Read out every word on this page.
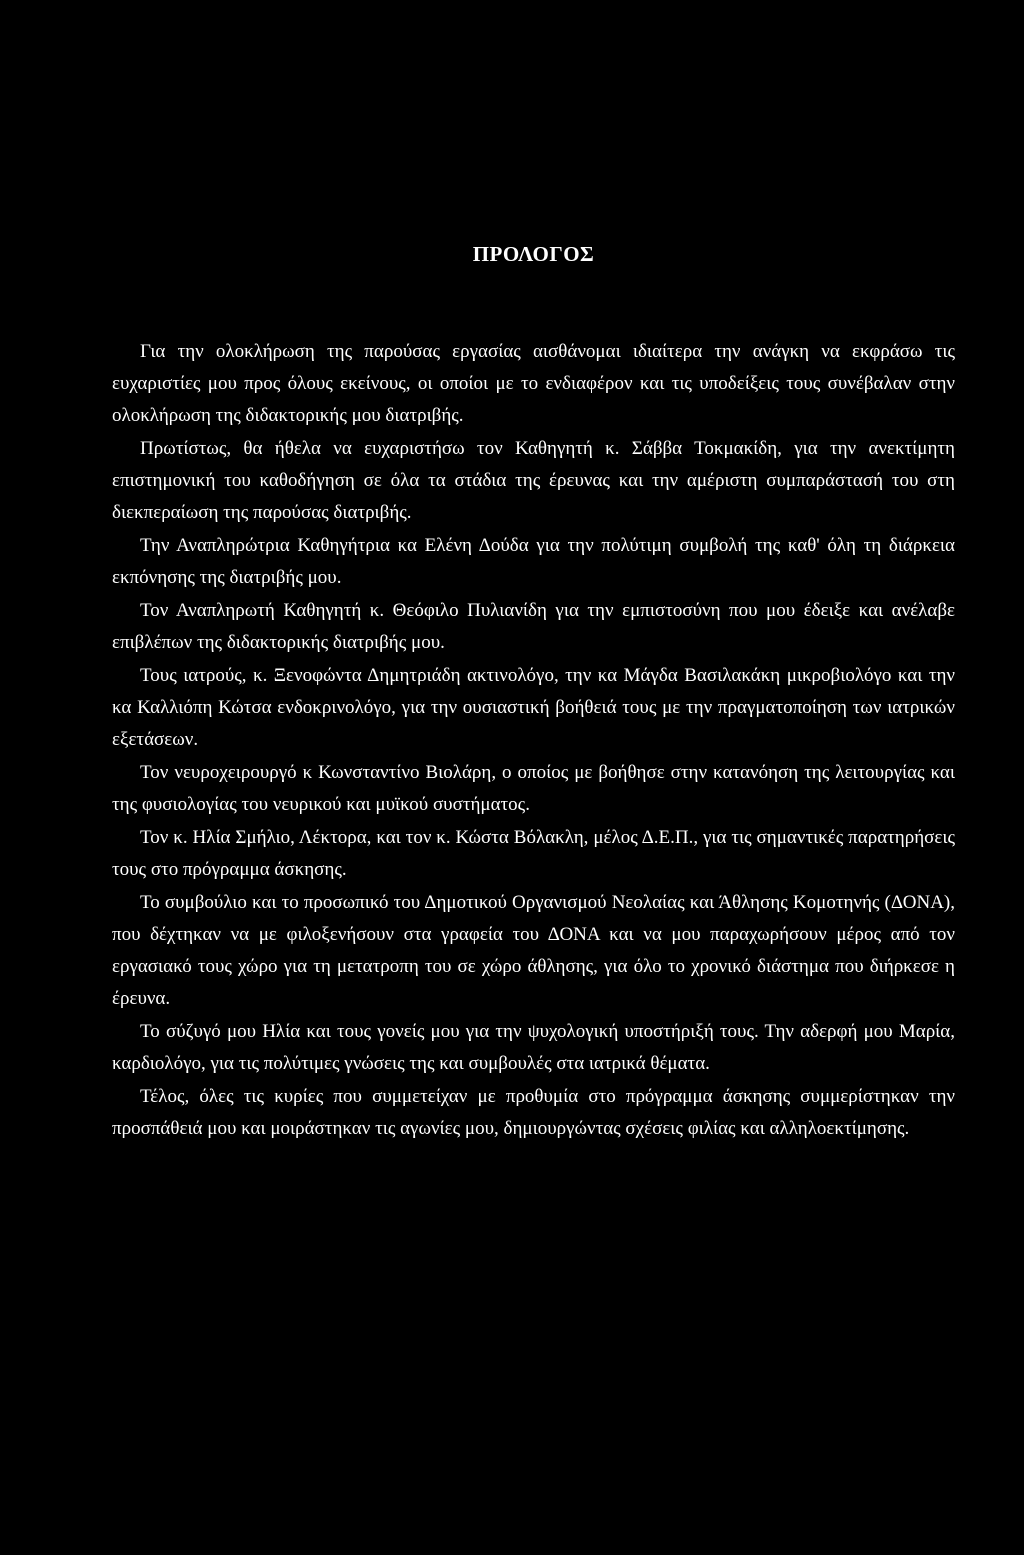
ΠΡΟΛΟΓΟΣ

Για την ολοκλήρωση της παρούσας εργασίας αισθάνομαι ιδιαίτερα την ανάγκη να εκφράσω τις ευχαριστίες μου προς όλους εκείνους, οι οποίοι με το ενδιαφέρον και τις υποδείξεις τους συνέβαλαν στην ολοκλήρωση της διδακτορικής μου διατριβής.

Πρωτίστως, θα ήθελα να ευχαριστήσω τον Καθηγητή κ. Σάββα Τοκμακίδη, για την ανεκτίμητη επιστημονική του καθοδήγηση σε όλα τα στάδια της έρευνας και την αμέριστη συμπαράστασή του στη διεκπεραίωση της παρούσας διατριβής.

Την Αναπληρώτρια Καθηγήτρια κα Ελένη Δούδα για την πολύτιμη συμβολή της καθ' όλη τη διάρκεια εκπόνησης της διατριβής μου.

Τον Αναπληρωτή Καθηγητή κ. Θεόφιλο Πυλιανίδη για την εμπιστοσύνη που μου έδειξε και ανέλαβε επιβλέπων της διδακτορικής διατριβής μου.

Τους ιατρούς, κ. Ξενοφώντα Δημητριάδη ακτινολόγο, την κα Μάγδα Βασιλακάκη μικροβιολόγο και την κα Καλλιόπη Κώτσα ενδοκρινολόγο, για την ουσιαστική βοήθειά τους με την πραγματοποίηση των ιατρικών εξετάσεων.

Τον νευροχειρουργό κ Κωνσταντίνο Βιολάρη, ο οποίος με βοήθησε στην κατανόηση της λειτουργίας και της φυσιολογίας του νευρικού και μυϊκού συστήματος.

Τον κ. Ηλία Σμήλιο, Λέκτορα, και τον κ. Κώστα Βόλακλη, μέλος Δ.Ε.Π., για τις σημαντικές παρατηρήσεις τους στο πρόγραμμα άσκησης.

Το συμβούλιο και το προσωπικό του Δημοτικού Οργανισμού Νεολαίας και Άθλησης Κομοτηνής (ΔΟΝΑ), που δέχτηκαν να με φιλοξενήσουν στα γραφεία του ΔΟΝΑ και να μου παραχωρήσουν μέρος από τον εργασιακό τους χώρο για τη μετατροπη του σε χώρο άθλησης, για όλο το χρονικό διάστημα που διήρκεσε η έρευνα.

Το σύζυγό μου Ηλία και τους γονείς μου για την ψυχολογική υποστήριξή τους. Την αδερφή μου Μαρία, καρδιολόγο, για τις πολύτιμες γνώσεις της και συμβουλές στα ιατρικά θέματα.

Τέλος, όλες τις κυρίες που συμμετείχαν με προθυμία στο πρόγραμμα άσκησης συμμερίστηκαν την προσπάθειά μου και μοιράστηκαν τις αγωνίες μου, δημιουργώντας σχέσεις φιλίας και αλληλοεκτίμησης.
